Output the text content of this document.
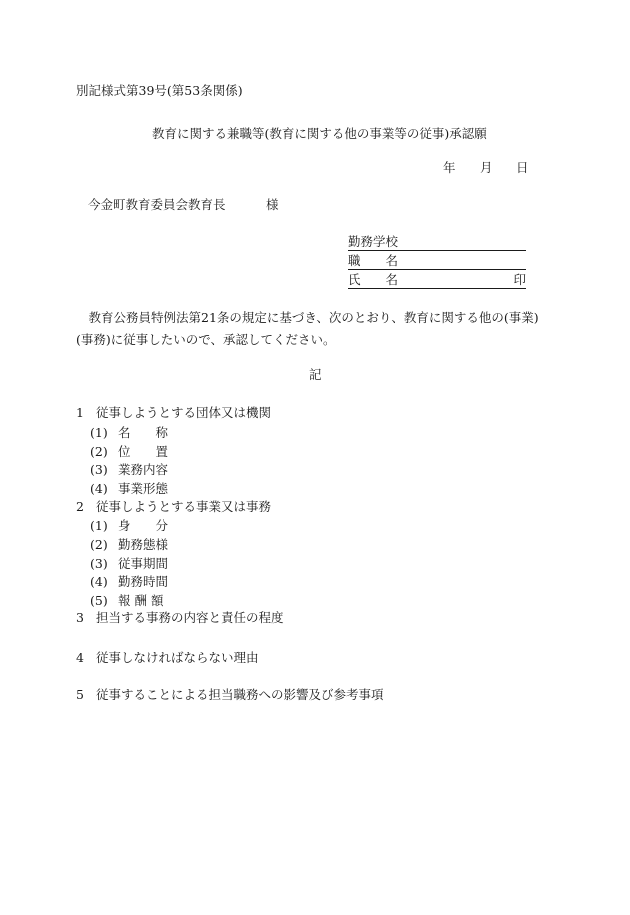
別記様式第39号(第53条関係)
教育に関する兼職等(教育に関する他の事業等の従事)承認願
年 月 日
今金町教育委員会教育長	様
勤務学校
職　　名
氏　　名	印
教育公務員特例法第21条の規定に基づき、次のとおり、教育に関する他の(事業)(事務)に従事したいので、承認してください。
記
1 従事しようとする団体又は機関
(1) 名　　称
(2) 位　　置
(3) 業務内容
(4) 事業形態
2 従事しようとする事業又は事務
(1) 身　　分
(2) 勤務態様
(3) 従事期間
(4) 勤務時間
(5) 報 酬 額
3 担当する事務の内容と責任の程度
4 従事しなければならない理由
5 従事することによる担当職務への影響及び参考事項
